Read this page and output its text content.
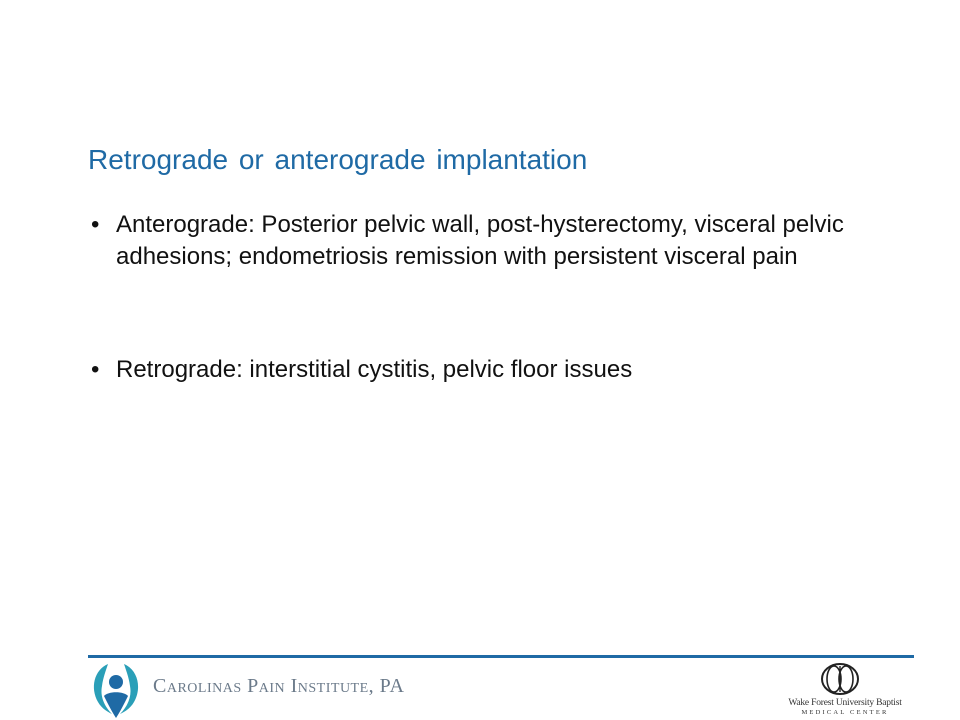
Retrograde or anterograde implantation
• Anterograde: Posterior pelvic wall, post-hysterectomy, visceral pelvic adhesions; endometriosis remission with persistent visceral pain
• Retrograde: interstitial cystitis, pelvic floor issues
Carolinas Pain Institute, PA
Wake Forest University Baptist
MEDICAL CENTER
